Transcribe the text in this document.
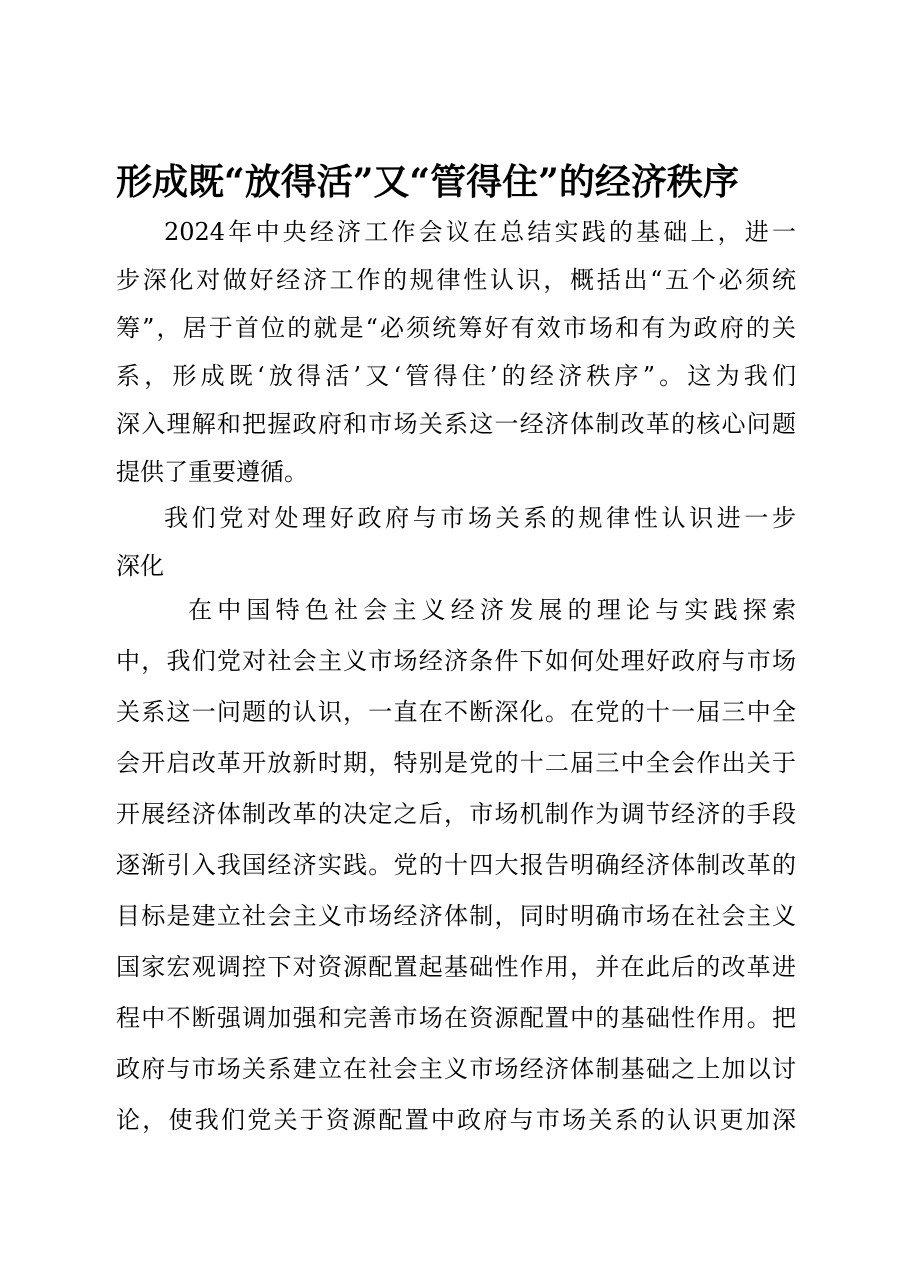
形成既“放得活”又“管得住”的经济秩序
2024年中央经济工作会议在总结实践的基础上，进一
步深化对做好经济工作的规律性认识，概括出“五个必须统
筹”，居于首位的就是“必须统筹好有效市场和有为政府的关
系，形成既‘放得活’又‘管得住’的经济秩序”。这为我们
深入理解和把握政府和市场关系这一经济体制改革的核心问题
提供了重要遵循。
我们党对处理好政府与市场关系的规律性认识进一步
深化
在中国特色社会主义经济发展的理论与实践探索
中，我们党对社会主义市场经济条件下如何处理好政府与市场
关系这一问题的认识，一直在不断深化。在党的十一届三中全
会开启改革开放新时期，特别是党的十二届三中全会作出关于
开展经济体制改革的决定之后，市场机制作为调节经济的手段
逐渐引入我国经济实践。党的十四大报告明确经济体制改革的
目标是建立社会主义市场经济体制，同时明确市场在社会主义
国家宏观调控下对资源配置起基础性作用，并在此后的改革进
程中不断强调加强和完善市场在资源配置中的基础性作用。把
政府与市场关系建立在社会主义市场经济体制基础之上加以讨
论，使我们党关于资源配置中政府与市场关系的认识更加深
